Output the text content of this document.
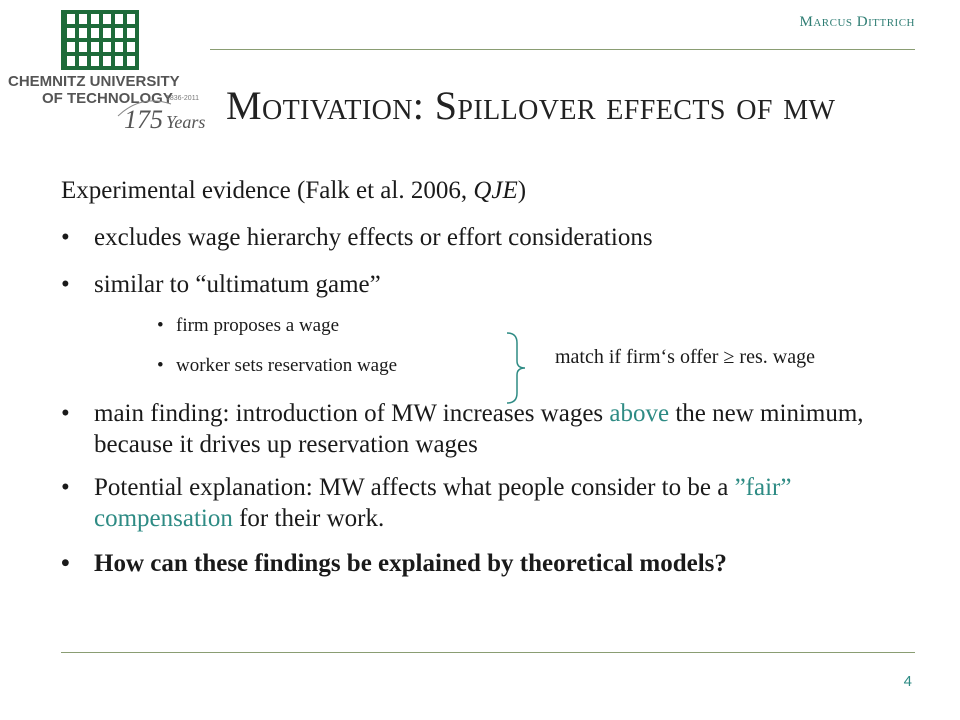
CHEMNITZ UNIVERSITY
OF TECHNOLOGY
1836-2011
175 Years
Marcus Dittrich
Motivation: Spillover effects of mw

Experimental evidence (Falk et al. 2006, QJE)

• excludes wage hierarchy effects or effort considerations
• similar to “ultimatum game”
• firm proposes a wage
• worker sets reservation wage
• main finding: introduction of MW increases wages above the new minimum, because it drives up reservation wages
• Potential explanation: MW affects what people consider to be a ”fair” compensation for their work.
• How can these findings be explained by theoretical models?
match if firm‘s offer ≥ res. wage
4
